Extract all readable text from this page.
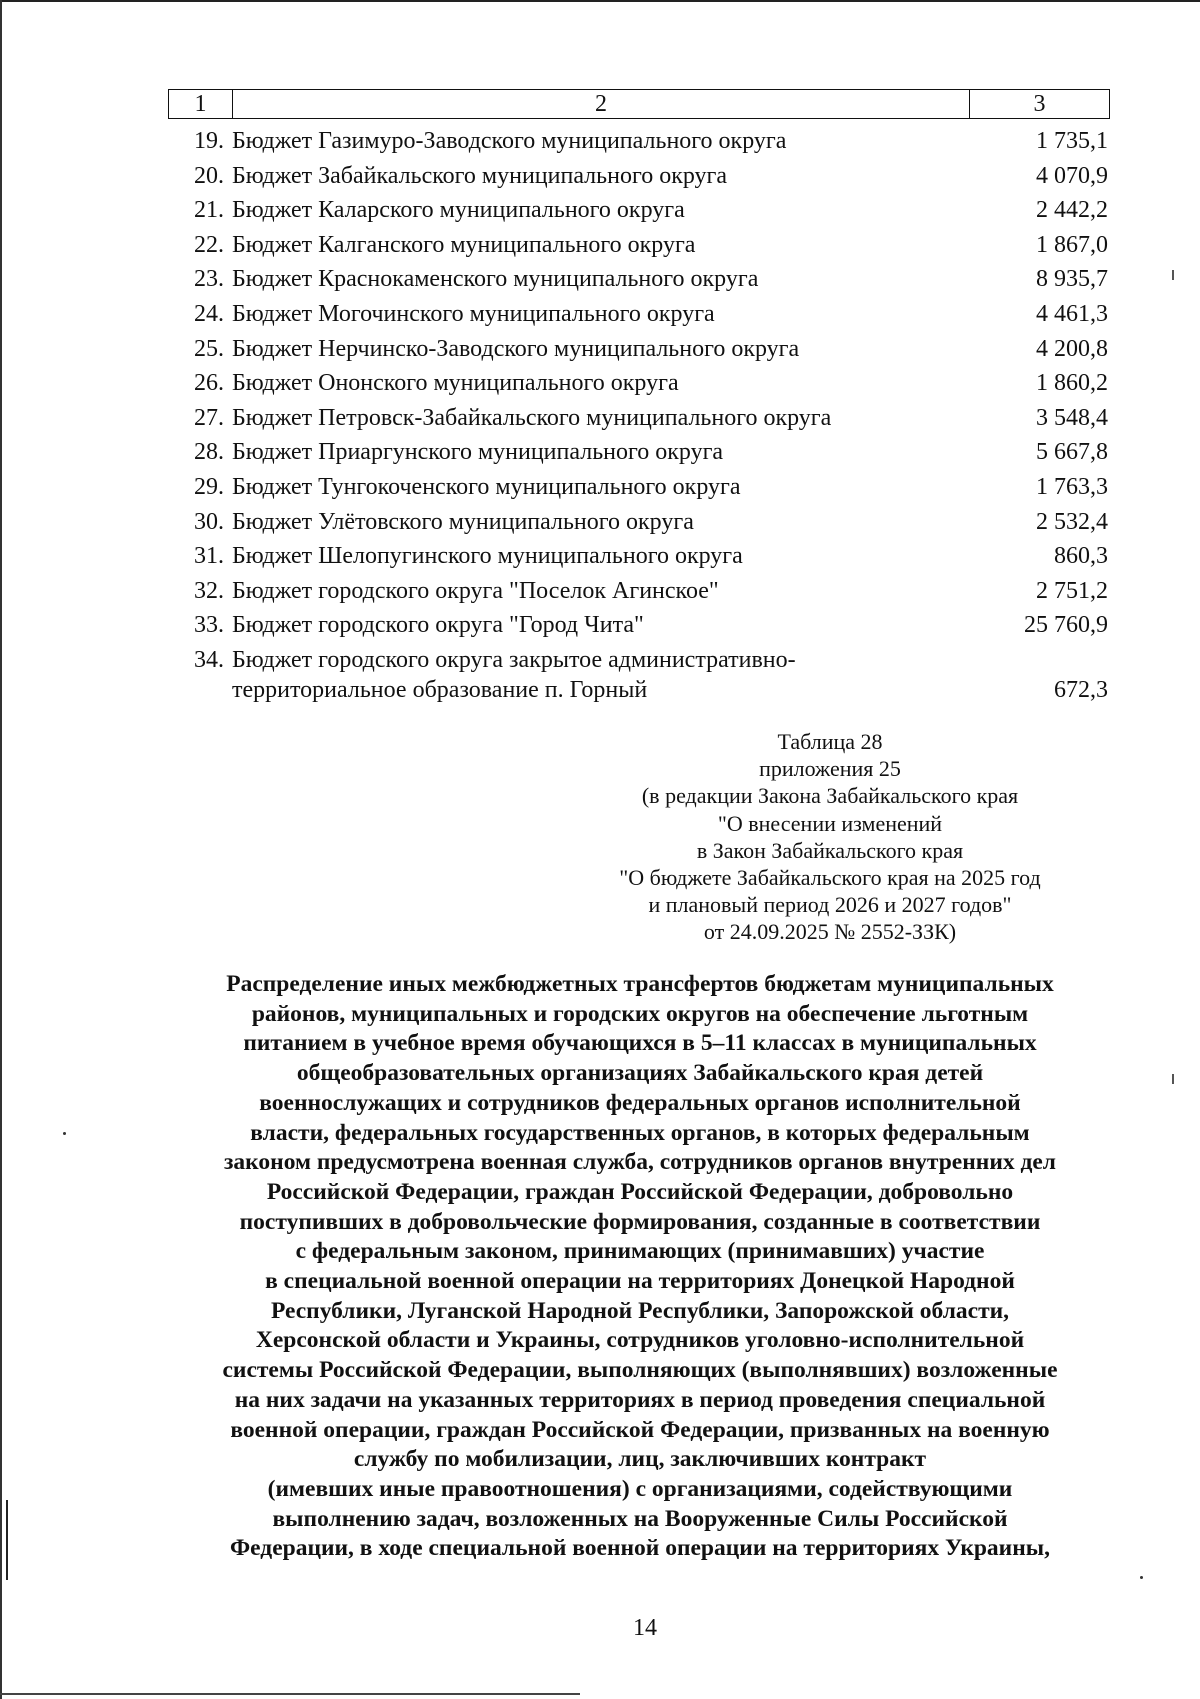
1	2	3
19. Бюджет Газимуро-Заводского муниципального округа	1 735,1
20. Бюджет Забайкальского муниципального округа	4 070,9
21. Бюджет Каларского муниципального округа	2 442,2
22. Бюджет Калганского муниципального округа	1 867,0
23. Бюджет Краснокаменского муниципального округа	8 935,7
24. Бюджет Могочинского муниципального округа	4 461,3
25. Бюджет Нерчинско-Заводского муниципального округа	4 200,8
26. Бюджет Ононского муниципального округа	1 860,2
27. Бюджет Петровск-Забайкальского муниципального округа	3 548,4
28. Бюджет Приаргунского муниципального округа	5 667,8
29. Бюджет Тунгокоченского муниципального округа	1 763,3
30. Бюджет Улётовского муниципального округа	2 532,4
31. Бюджет Шелопугинского муниципального округа	860,3
32. Бюджет городского округа "Поселок Агинское"	2 751,2
33. Бюджет городского округа "Город Чита"	25 760,9
34. Бюджет городского округа закрытое административно-
территориальное образование п. Горный	672,3
Таблица 28
приложения 25
(в редакции Закона Забайкальского края
"О внесении изменений
в Закон Забайкальского края
"О бюджете Забайкальского края на 2025 год
и плановый период 2026 и 2027 годов"
от 24.09.2025 № 2552-ЗЗК)
Распределение иных межбюджетных трансфертов бюджетам муниципальных
районов, муниципальных и городских округов на обеспечение льготным
питанием в учебное время обучающихся в 5–11 классах в муниципальных
общеобразовательных организациях Забайкальского края детей
военнослужащих и сотрудников федеральных органов исполнительной
власти, федеральных государственных органов, в которых федеральным
законом предусмотрена военная служба, сотрудников органов внутренних дел
Российской Федерации, граждан Российской Федерации, добровольно
поступивших в добровольческие формирования, созданные в соответствии
с федеральным законом, принимающих (принимавших) участие
в специальной военной операции на территориях Донецкой Народной
Республики, Луганской Народной Республики, Запорожской области,
Херсонской области и Украины, сотрудников уголовно-исполнительной
системы Российской Федерации, выполняющих (выполнявших) возложенные
на них задачи на указанных территориях в период проведения специальной
военной операции, граждан Российской Федерации, призванных на военную
службу по мобилизации, лиц, заключивших контракт
(имевших иные правоотношения) с организациями, содействующими
выполнению задач, возложенных на Вооруженные Силы Российской
Федерации, в ходе специальной военной операции на территориях Украины,
14
